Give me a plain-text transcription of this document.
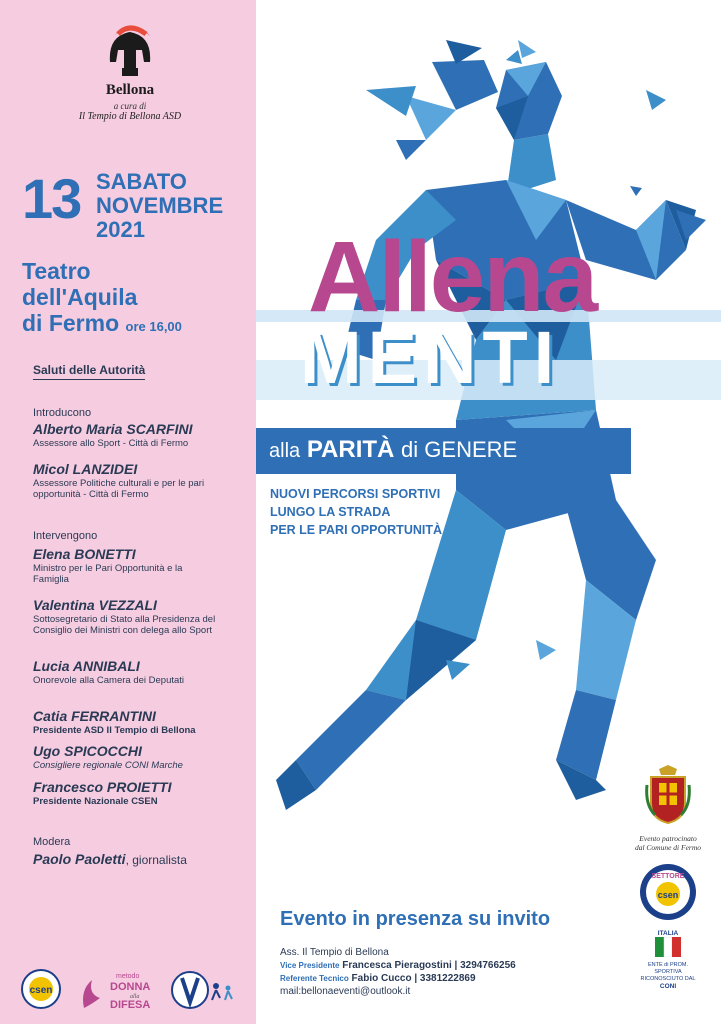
Bellona
a cura di
Il Tempio di Bellona ASD
13 SABATO
NOVEMBRE
2021
Teatro
dell'Aquila
di Fermo ore 16,00
Saluti delle Autorità
Introducono
Alberto Maria SCARFINI
Assessore allo Sport - Città di Fermo
Micol LANZIDEI
Assessore Politiche culturali e per le pari opportunità - Città di Fermo
Intervengono
Elena BONETTI
Ministro per le Pari Opportunità e la Famiglia
Valentina VEZZALI
Sottosegretario di Stato alla Presidenza del Consiglio dei Ministri con delega allo Sport
Lucia ANNIBALI
Onorevole alla Camera dei Deputati
Catia FERRANTINI
Presidente ASD Il Tempio di Bellona
Ugo SPICOCCHI
Consigliere regionale CONI Marche
Francesco PROIETTI
Presidente Nazionale CSEN
Modera
Paolo Paoletti, giornalista
csen
metodo
DONNA
alla
DIFESA
Allena
MENTI
alla PARITÀ di GENERE
NUOVI PERCORSI SPORTIVI
LUNGO LA STRADA
PER LE PARI OPPORTUNITÀ
Evento patrocinato
dal Comune di Fermo
SETTORE
csen
ITALIA
ENTE di PROM.
SPORTIVA
RICONOSCIUTO DAL
CONI
Evento in presenza su invito
Ass. Il Tempio di Bellona
Vice Presidente Francesca Pieragostini | 3294766256
Referente Tecnico Fabio Cucco | 3381222869
mail:bellonaeventi@outlook.it
